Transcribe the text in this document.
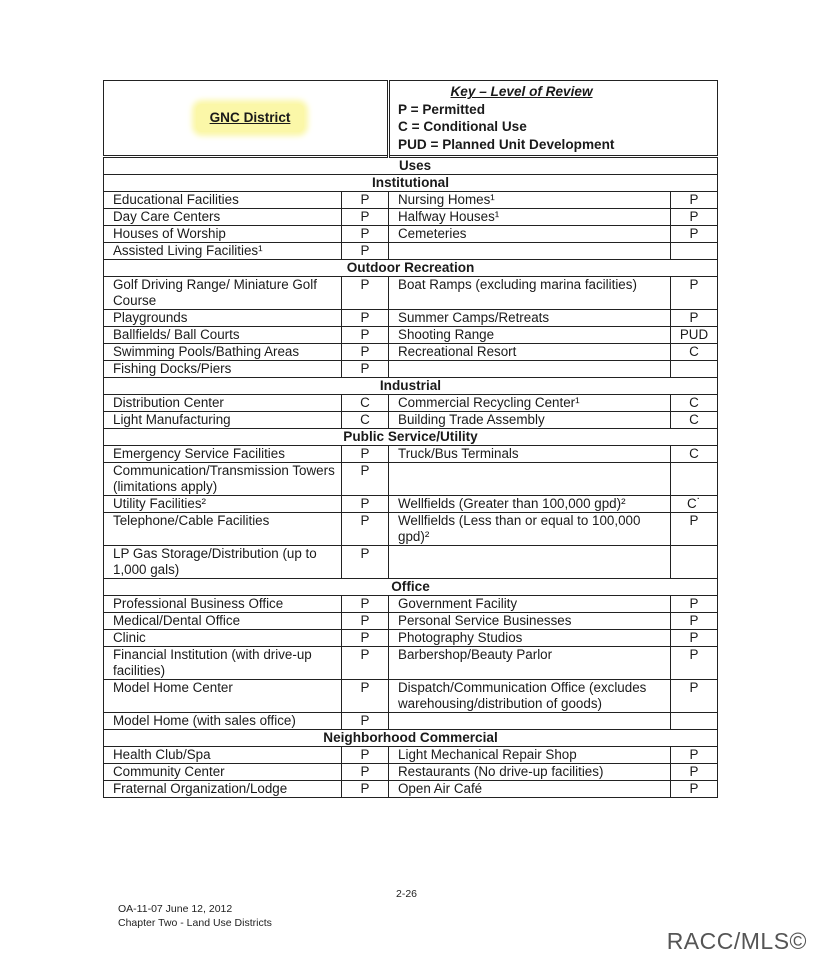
GNC District		Key – Level of Review
P = Permitted
C = Conditional Use
PUD = Planned Unit Development	

Uses			
Institutional			
Educational Facilities	P	Nursing Homes¹	P
Day Care Centers	P	Halfway Houses¹	P
Houses of Worship	P	Cemeteries	P
Assisted Living Facilities¹	P		
Outdoor Recreation			
Golf Driving Range/ Miniature Golf Course	P	Boat Ramps (excluding marina facilities)	P
Playgrounds	P	Summer Camps/Retreats	P
Ballfields/ Ball Courts	P	Shooting Range	PUD
Swimming Pools/Bathing Areas	P	Recreational Resort	C
Fishing Docks/Piers	P		
Industrial			
Distribution Center	C	Commercial Recycling Center¹	C
Light Manufacturing	C	Building Trade Assembly	C
Public Service/Utility			
Emergency Service Facilities	P	Truck/Bus Terminals	C
Communication/Transmission Towers (limitations apply)	P		
Utility Facilities²	P	Wellfields (Greater than 100,000 gpd)²	C˙
Telephone/Cable Facilities	P	Wellfields (Less than or equal to 100,000 gpd)²	P
LP Gas Storage/Distribution (up to 1,000 gals)	P		
Office			
Professional Business Office	P	Government Facility	P
Medical/Dental Office	P	Personal Service Businesses	P
Clinic	P	Photography Studios	P
Financial Institution (with drive-up facilities)	P	Barbershop/Beauty Parlor	P
Model Home Center	P	Dispatch/Communication Office (excludes warehousing/distribution of goods)	P
Model Home (with sales office)	P		
Neighborhood Commercial			
Health Club/Spa	P	Light Mechanical Repair Shop	P
Community Center	P	Restaurants (No drive-up facilities)	P
Fraternal Organization/Lodge	P	Open Air Café	P
2-26
OA-11-07 June 12, 2012
Chapter Two - Land Use Districts
RACC/MLS©
